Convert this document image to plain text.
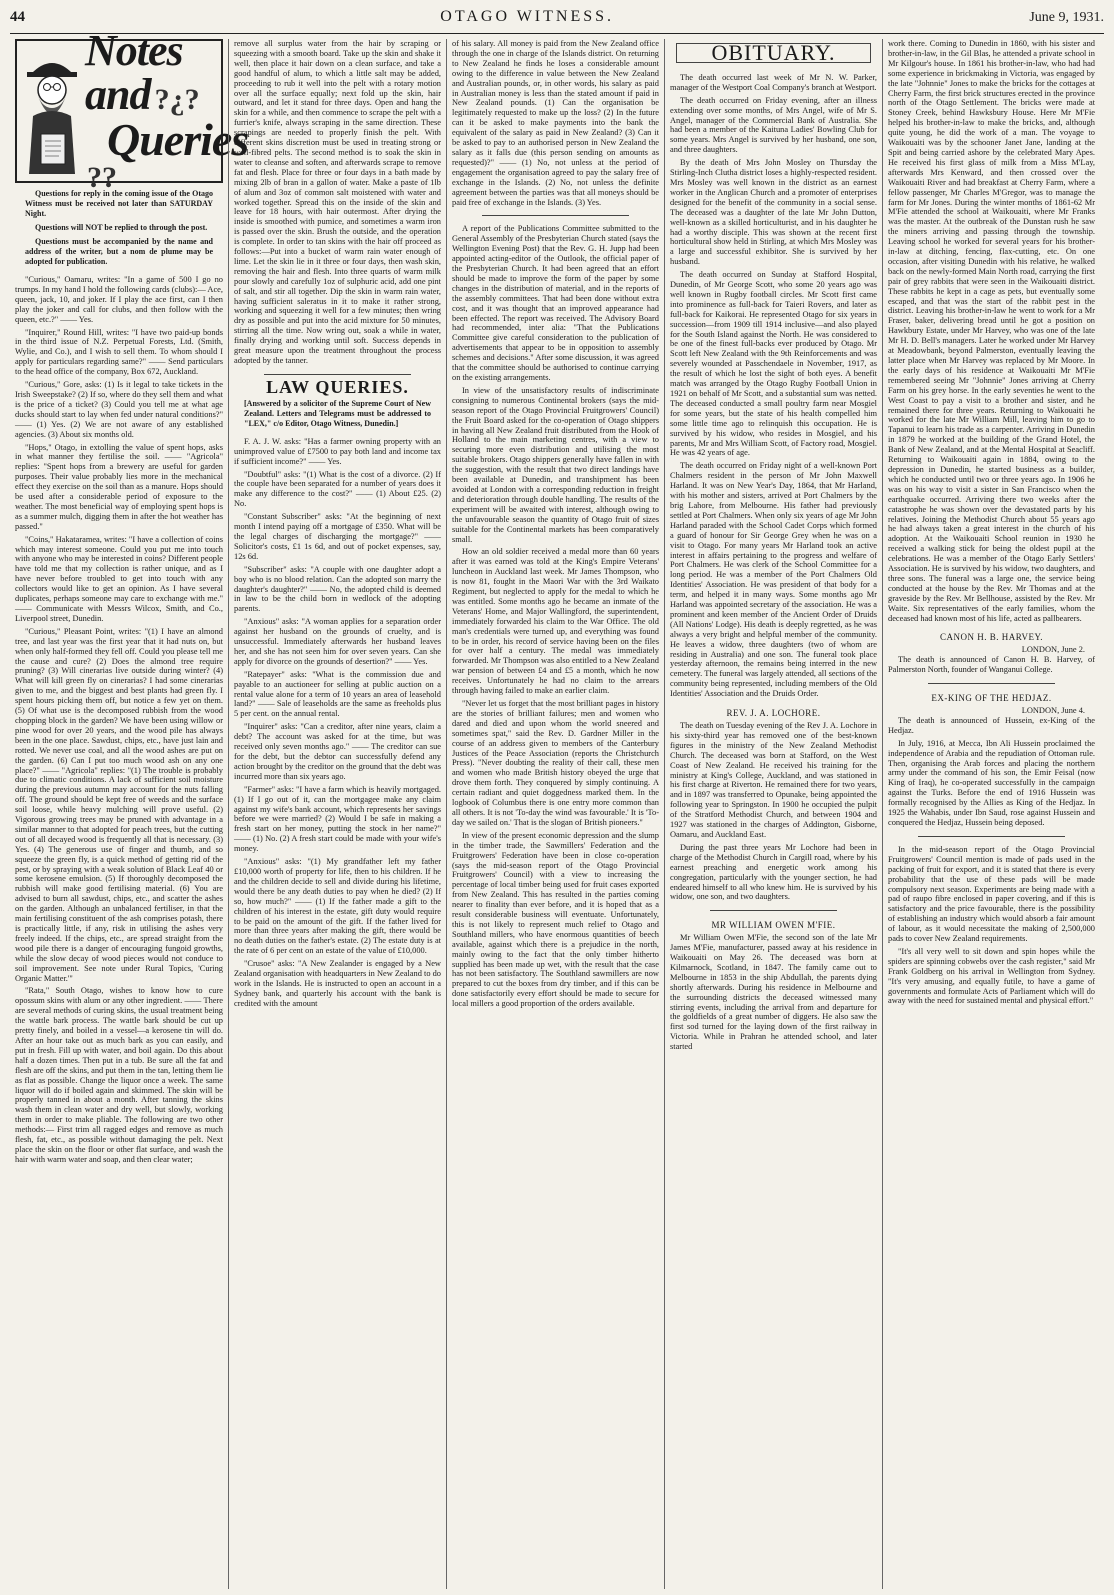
44	OTAGO WITNESS.	June 9, 1931.
Notes and ?¿?
Queries ??

Questions for reply in the coming issue of the Otago Witness must be received not later than SATURDAY Night.

Questions will NOT be replied to through the post.

Questions must be accompanied by the name and address of the writer, but a nom de plume may be adopted for publication.

"Curious," Oamaru, writes: "In a game of 500 I go no trumps. In my hand I hold the following cards (clubs):— Ace, queen, jack, 10, and joker. If I play the ace first, can I then play the joker and call for clubs, and then follow with the queen, etc.?" —— Yes.

"Inquirer," Round Hill, writes: "I have two paid-up bonds in the third issue of N.Z. Perpetual Forests, Ltd. (Smith, Wylie, and Co.), and I wish to sell them. To whom should I apply for particulars regarding same?" —— Send particulars to the head office of the company, Box 672, Auckland.

"Curious," Gore, asks: (1) Is it legal to take tickets in the Irish Sweepstake? (2) If so, where do they sell them and what is the price of a ticket? (3) Could you tell me at what age ducks should start to lay when fed under natural conditions?" —— (1) Yes. (2) We are not aware of any established agencies. (3) About six months old.

"Hops," Otago, in extolling the value of spent hops, asks in what manner they fertilise the soil. —— "Agricola" replies: "Spent hops from a brewery are useful for garden purposes. Their value probably lies more in the mechanical effect they exercise on the soil than as a manure. Hops should be used after a considerable period of exposure to the weather. The most beneficial way of employing spent hops is as a summer mulch, digging them in after the hot weather has passed."

"Coins," Hakataramea, writes: "I have a collection of coins which may interest someone. Could you put me into touch with anyone who may be interested in coins? Different people have told me that my collection is rather unique, and as I have never before troubled to get into touch with any collectors would like to get an opinion. As I have several duplicates, perhaps someone may care to exchange with me." —— Communicate with Messrs Wilcox, Smith, and Co., Liverpool street, Dunedin.

"Curious," Pleasant Point, writes: "(1) I have an almond tree, and last year was the first year that it had nuts on, but when only half-formed they fell off. Could you please tell me the cause and cure? (2) Does the almond tree require pruning? (3) Will cinerarias live outside during winter? (4) What will kill green fly on cinerarias? I had some cinerarias given to me, and the biggest and best plants had green fly. I spent hours picking them off, but notice a few yet on them. (5) Of what use is the decomposed rubbish from the wood chopping block in the garden? We have been using willow or pine wood for over 20 years, and the wood pile has always been in the one place. Sawdust, chips, etc., have just lain and rotted. We never use coal, and all the wood ashes are put on the garden. (6) Can I put too much wood ash on any one place?" —— "Agricola" replies: "(1) The trouble is probably due to climatic conditions. A lack of sufficient soil moisture during the previous autumn may account for the nuts falling off. The ground should be kept free of weeds and the surface soil loose, while heavy mulching will prove useful. (2) Vigorous growing trees may be pruned with advantage in a similar manner to that adopted for peach trees, but the cutting out of all decayed wood is frequently all that is necessary. (3) Yes. (4) The generous use of finger and thumb, and so squeeze the green fly, is a quick method of getting rid of the pest, or by spraying with a weak solution of Black Leaf 40 or some kerosene emulsion. (5) If thoroughly decomposed the rubbish will make good fertilising material. (6) You are advised to burn all sawdust, chips, etc., and scatter the ashes on the garden. Although an unbalanced fertiliser, in that the main fertilising constituent of the ash comprises potash, there is practically little, if any, risk in utilising the ashes very freely indeed. If the chips, etc., are spread straight from the wood pile there is a danger of encouraging fungoid growths, while the slow decay of wood pieces would not conduce to soil improvement. See note under Rural Topics, 'Curing Organic Matter.'"

"Rata," South Otago, wishes to know how to cure opossum skins with alum or any other ingredient. —— There are several methods of curing skins, the usual treatment being the wattle bark process. The wattle bark should be cut up pretty finely, and boiled in a vessel—a kerosene tin will do. After an hour take out as much bark as you can easily, and put in fresh. Fill up with water, and boil again. Do this about half a dozen times. Then put in a tub. Be sure all the fat and flesh are off the skins, and put them in the tan, letting them lie as flat as possible. Change the liquor once a week. The same liquor will do if boiled again and skimmed. The skin will be properly tanned in about a month. After tanning the skins wash them in clean water and dry well, but slowly, working them in order to make pliable. The following are two other methods:— First trim all ragged edges and remove as much flesh, fat, etc., as possible without damaging the pelt. Next place the skin on the floor or other flat surface, and wash the hair with warm water and soap, and then clear water;

remove all surplus water from the hair by scraping or squeezing with a smooth board. Take up the skin and shake it well, then place it hair down on a clean surface, and take a good handful of alum, to which a little salt may be added, proceeding to rub it well into the pelt with a rotary motion over all the surface equally; next fold up the skin, hair outward, and let it stand for three days. Open and hang the skin for a while, and then commence to scrape the pelt with a furrier's knife, always scraping in the same direction. These scrapings are needed to properly finish the pelt. With different skins discretion must be used in treating strong or well-fibred pelts. The second method is to soak the skin in water to cleanse and soften, and afterwards scrape to remove fat and flesh. Place for three or four days in a bath made by mixing 2lb of bran in a gallon of water. Make a paste of 1lb of alum and 3oz of common salt moistened with water and worked together. Spread this on the inside of the skin and leave for 18 hours, with hair outermost. After drying the inside is smoothed with pumice, and sometimes a warm iron is passed over the skin. Brush the outside, and the operation is complete. In order to tan skins with the hair off proceed as follows:—Put into a bucket of warm rain water enough of lime. Let the skin lie in it three or four days, then wash skin, removing the hair and flesh. Into three quarts of warm milk pour slowly and carefully 1oz of sulphuric acid, add one pint of salt, and stir all together. Dip the skin in warm rain water, having sufficient saleratus in it to make it rather strong, working and squeezing it well for a few minutes; then wring dry as possible and put into the acid mixture for 50 minutes, stirring all the time. Now wring out, soak a while in water, finally drying and working until soft. Success depends in great measure upon the treatment throughout the process adopted by the tanner.

LAW QUERIES.
[Answered by a solicitor of the Supreme Court of New Zealand. Letters and Telegrams must be addressed to "LEX," c/o Editor, Otago Witness, Dunedin.]

F. A. J. W. asks: "Has a farmer owning property with an unimproved value of £7500 to pay both land and income tax if sufficient income?" —— Yes.

"Doubtful" asks: "(1) What is the cost of a divorce. (2) If the couple have been separated for a number of years does it make any difference to the cost?" —— (1) About £25. (2) No.

"Constant Subscriber" asks: "At the beginning of next month I intend paying off a mortgage of £350. What will be the legal charges of discharging the mortgage?" —— Solicitor's costs, £1 1s 6d, and out of pocket expenses, say, 12s 6d.

"Subscriber" asks: "A couple with one daughter adopt a boy who is no blood relation. Can the adopted son marry the daughter's daughter?" —— No, the adopted child is deemed in law to be the child born in wedlock of the adopting parents.

"Anxious" asks: "A woman applies for a separation order against her husband on the grounds of cruelty, and is unsuccessful. Immediately afterwards her husband leaves her, and she has not seen him for over seven years. Can she apply for divorce on the grounds of desertion?" —— Yes.

"Ratepayer" asks: "What is the commission due and payable to an auctioneer for selling at public auction on a rental value alone for a term of 10 years an area of leasehold land?" —— Sale of leaseholds are the same as freeholds plus 5 per cent. on the annual rental.

"Inquirer" asks: "Can a creditor, after nine years, claim a debt? The account was asked for at the time, but was received only seven months ago." —— The creditor can sue for the debt, but the debtor can successfully defend any action brought by the creditor on the ground that the debt was incurred more than six years ago.

"Farmer" asks: "I have a farm which is heavily mortgaged. (1) If I go out of it, can the mortgagee make any claim against my wife's bank account, which represents her savings before we were married? (2) Would I be safe in making a fresh start on her money, putting the stock in her name?" —— (1) No. (2) A fresh start could be made with your wife's money.

"Anxious" asks: "(1) My grandfather left my father £10,000 worth of property for life, then to his children. If he and the children decide to sell and divide during his lifetime, would there be any death duties to pay when he died? (2) If so, how much?" —— (1) If the father made a gift to the children of his interest in the estate, gift duty would require to be paid on the amount of the gift. If the father lived for more than three years after making the gift, there would be no death duties on the father's estate. (2) The estate duty is at the rate of 6 per cent on an estate of the value of £10,000.

"Crusoe" asks: "A New Zealander is engaged by a New Zealand organisation with headquarters in New Zealand to do work in the Islands. He is instructed to open an account in a Sydney bank, and quarterly his account with the bank is credited with the amount

of his salary. All money is paid from the New Zealand office through the one in charge of the Islands district. On returning to New Zealand he finds he loses a considerable amount owing to the difference in value between the New Zealand and Australian pounds, or, in other words, his salary as paid in Australian money is less than the stated amount if paid in New Zealand pounds. (1) Can the organisation be legitimately requested to make up the loss? (2) In the future can it be asked to make payments into the bank the equivalent of the salary as paid in New Zealand? (3) Can it be asked to pay to an authorised person in New Zealand the salary as it falls due (this person sending on amounts as requested)?" —— (1) No, not unless at the period of engagement the organisation agreed to pay the salary free of exchange in the Islands. (2) No, not unless the definite agreement between the parties was that all moneys should be paid free of exchange in the Islands. (3) Yes.

A report of the Publications Committee submitted to the General Assembly of the Presbyterian Church stated (says the Wellington Evening Post) that the Rev. G. H. Jupp had been appointed acting-editor of the Outlook, the official paper of the Presbyterian Church. It had been agreed that an effort should be made to improve the form of the paper by some changes in the distribution of material, and in the reports of the assembly committees. That had been done without extra cost, and it was thought that an improved appearance had been effected. The report was received. The Advisory Board had recommended, inter alia: "That the Publications Committee give careful consideration to the publication of advertisements that appear to be in opposition to assembly schemes and decisions." After some discussion, it was agreed that the committee should be authorised to continue carrying on the existing arrangements.

In view of the unsatisfactory results of indiscriminate consigning to numerous Continental brokers (says the mid-season report of the Otago Provincial Fruitgrowers' Council) the Fruit Board asked for the co-operation of Otago shippers in having all New Zealand fruit distributed from the Hook of Holland to the main marketing centres, with a view to securing more even distribution and utilising the most suitable brokers. Otago shippers generally have fallen in with the suggestion, with the result that two direct landings have been available at Dunedin, and transhipment has been avoided at London with a corresponding reduction in freight and deterioration through double handling. The results of the experiment will be awaited with interest, although owing to the unfavourable season the quantity of Otago fruit of sizes suitable for the Continental markets has been comparatively small.

How an old soldier received a medal more than 60 years after it was earned was told at the King's Empire Veterans' luncheon in Auckland last week. Mr James Thompson, who is now 81, fought in the Maori War with the 3rd Waikato Regiment, but neglected to apply for the medal to which he was entitled. Some months ago he became an inmate of the Veterans' Home, and Major Wallingford, the superintendent, immediately forwarded his claim to the War Office. The old man's credentials were turned up, and everything was found to be in order, his record of service having been on the files for over half a century. The medal was immediately forwarded. Mr Thompson was also entitled to a New Zealand war pension of between £4 and £5 a month, which he now receives. Unfortunately he had no claim to the arrears through having failed to make an earlier claim.

"Never let us forget that the most brilliant pages in history are the stories of brilliant failures; men and women who dared and died and upon whom the world sneered and sometimes spat," said the Rev. D. Gardner Miller in the course of an address given to members of the Canterbury Justices of the Peace Association (reports the Christchurch Press). "Never doubting the reality of their call, these men and women who made British history obeyed the urge that drove them forth. They conquered by simply continuing. A certain radiant and quiet doggedness marked them. In the logbook of Columbus there is one entry more common than all others. It is not 'To-day the wind was favourable.' It is 'To-day we sailed on.' That is the slogan of British pioneers."

In view of the present economic depression and the slump in the timber trade, the Sawmillers' Federation and the Fruitgrowers' Federation have been in close co-operation (says the mid-season report of the Otago Provincial Fruitgrowers' Council) with a view to increasing the percentage of local timber being used for fruit cases exported from New Zealand. This has resulted in the parties coming nearer to finality than ever before, and it is hoped that as a result considerable business will eventuate. Unfortunately, this is not likely to represent much relief to Otago and Southland millers, who have enormous quantities of beech available, against which there is a prejudice in the north, mainly owing to the fact that the only timber hitherto supplied has been made up wet, with the result that the case has not been satisfactory. The Southland sawmillers are now prepared to cut the boxes from dry timber, and if this can be done satisfactorily every effort should be made to secure for local millers a good proportion of the orders available.

OBITUARY.

The death occurred last week of Mr N. W. Parker, manager of the Westport Coal Company's branch at Westport.

The death occurred on Friday evening, after an illness extending over some months, of Mrs Angel, wife of Mr S. Angel, manager of the Commercial Bank of Australia. She had been a member of the Kaituna Ladies' Bowling Club for some years. Mrs Angel is survived by her husband, one son, and three daughters.

By the death of Mrs John Mosley on Thursday the Stirling-Inch Clutha district loses a highly-respected resident. Mrs Mosley was well known in the district as an earnest worker in the Anglican Church and a promoter of enterprises designed for the benefit of the community in a social sense. The deceased was a daughter of the late Mr John Dutton, well-known as a skilled horticulturist, and in his daughter he had a worthy disciple. This was shown at the recent first horticultural show held in Stirling, at which Mrs Mosley was a large and successful exhibitor. She is survived by her husband.

The death occurred on Sunday at Stafford Hospital, Dunedin, of Mr George Scott, who some 20 years ago was well known in Rugby football circles. Mr Scott first came into prominence as full-back for Taieri Rovers, and later as full-back for Kaikorai. He represented Otago for six years in succession—from 1909 till 1914 inclusive—and also played for the South Island against the North. He was considered to be one of the finest full-backs ever produced by Otago. Mr Scott left New Zealand with the 9th Reinforcements and was severely wounded at Passchendaele in November, 1917, as the result of which he lost the sight of both eyes. A benefit match was arranged by the Otago Rugby Football Union in 1921 on behalf of Mr Scott, and a substantial sum was netted. The deceased conducted a small poultry farm near Mosgiel for some years, but the state of his health compelled him some little time ago to relinquish this occupation. He is survived by his widow, who resides in Mosgiel, and his parents, Mr and Mrs William Scott, of Factory road, Mosgiel. He was 42 years of age.

The death occurred on Friday night of a well-known Port Chalmers resident in the person of Mr John Maxwell Harland. It was on New Year's Day, 1864, that Mr Harland, with his mother and sisters, arrived at Port Chalmers by the brig Lahore, from Melbourne. His father had previously settled at Port Chalmers. When only six years of age Mr John Harland paraded with the School Cadet Corps which formed a guard of honour for Sir George Grey when he was on a visit to Otago. For many years Mr Harland took an active interest in affairs pertaining to the progress and welfare of Port Chalmers. He was clerk of the School Committee for a long period. He was a member of the Port Chalmers Old Identities' Association. He was president of that body for a term, and helped it in many ways. Some months ago Mr Harland was appointed secretary of the association. He was a prominent and keen member of the Ancient Order of Druids (All Nations' Lodge). His death is deeply regretted, as he was always a very bright and helpful member of the community. He leaves a widow, three daughters (two of whom are residing in Australia) and one son. The funeral took place yesterday afternoon, the remains being interred in the new cemetery. The funeral was largely attended, all sections of the community being represented, including members of the Old Identities' Association and the Druids Order.

REV. J. A. LOCHORE.

The death on Tuesday evening of the Rev J. A. Lochore in his sixty-third year has removed one of the best-known figures in the ministry of the New Zealand Methodist Church. The deceased was born at Stafford, on the West Coast of New Zealand. He received his training for the ministry at King's College, Auckland, and was stationed in his first charge at Riverton. He remained there for two years, and in 1897 was transferred to Opunake, being appointed the following year to Springston. In 1900 he occupied the pulpit of the Stratford Methodist Church, and between 1904 and 1927 was stationed in the charges of Addington, Gisborne, Oamaru, and Auckland East.

During the past three years Mr Lochore had been in charge of the Methodist Church in Cargill road, where by his earnest preaching and energetic work among his congregation, particularly with the younger section, he had endeared himself to all who knew him. He is survived by his widow, one son, and two daughters.

MR WILLIAM OWEN M'FIE.

Mr William Owen M'Fie, the second son of the late Mr James M'Fie, manufacturer, passed away at his residence in Waikouaiti on May 26. The deceased was born at Kilmarnock, Scotland, in 1847. The family came out to Melbourne in 1853 in the ship Abdullah, the parents dying shortly afterwards. During his residence in Melbourne and the surrounding districts the deceased witnessed many stirring events, including the arrival from and departure for the goldfields of a great number of diggers. He also saw the first sod turned for the laying down of the first railway in Victoria. While in Prahran he attended school, and later started

work there. Coming to Dunedin in 1860, with his sister and brother-in-law, in the Gil Blas, he attended a private school in Mr Kilgour's house. In 1861 his brother-in-law, who had had some experience in brickmaking in Victoria, was engaged by the late "Johnnie" Jones to make the bricks for the cottages at Cherry Farm, the first brick structures erected in the province north of the Otago Settlement. The bricks were made at Stoney Creek, behind Hawksbury House. Here Mr M'Fie helped his brother-in-law to make the bricks, and, although quite young, he did the work of a man. The voyage to Waikouaiti was by the schooner Janet Jane, landing at the Spit and being carried ashore by the celebrated Mary Apes. He received his first glass of milk from a Miss M'Lay, afterwards Mrs Kenward, and then crossed over the Waikouaiti River and had breakfast at Cherry Farm, where a fellow passenger, Mr Charles M'Gregor, was to manage the farm for Mr Jones. During the winter months of 1861-62 Mr M'Fie attended the school at Waikouaiti, where Mr Franks was the master. At the outbreak of the Dunstan rush he saw the miners arriving and passing through the township. Leaving school he worked for several years for his brother-in-law at ditching, fencing, flax-cutting, etc. On one occasion, after visiting Dunedin with his relative, he walked back on the newly-formed Main North road, carrying the first pair of grey rabbits that were seen in the Waikouaiti district. These rabbits he kept in a cage as pets, but eventually some escaped, and that was the start of the rabbit pest in the district. Leaving his brother-in-law he went to work for a Mr Fraser, baker, delivering bread until he got a position on Hawkbury Estate, under Mr Harvey, who was one of the late Mr H. D. Bell's managers. Later he worked under Mr Harvey at Meadowbank, beyond Palmerston, eventually leaving the latter place when Mr Harvey was replaced by Mr Moore. In the early days of his residence at Waikouaiti Mr M'Fie remembered seeing Mr "Johnnie" Jones arriving at Cherry Farm on his grey horse. In the early seventies he went to the West Coast to pay a visit to a brother and sister, and he remained there for three years. Returning to Waikouaiti he worked for the late Mr William Mill, leaving him to go to Tapanui to learn his trade as a carpenter. Arriving in Dunedin in 1879 he worked at the building of the Grand Hotel, the Bank of New Zealand, and at the Mental Hospital at Seacliff. Returning to Waikouaiti again in 1884, owing to the depression in Dunedin, he started business as a builder, which he conducted until two or three years ago. In 1906 he was on his way to visit a sister in San Francisco when the earthquake occurred. Arriving there two weeks after the catastrophe he was shown over the devastated parts by his relatives. Joining the Methodist Church about 55 years ago he had always taken a great interest in the church of his adoption. At the Waikouaiti School reunion in 1930 he received a walking stick for being the oldest pupil at the celebrations. He was a member of the Otago Early Settlers' Association. He is survived by his widow, two daughters, and three sons. The funeral was a large one, the service being conducted at the house by the Rev. Mr Thomas and at the graveside by the Rev. Mr Bellhouse, assisted by the Rev. Mr Waite. Six representatives of the early families, whom the deceased had known most of his life, acted as pallbearers.

CANON H. B. HARVEY.
LONDON, June 2.

The death is announced of Canon H. B. Harvey, of Palmerston North, founder of Wanganui College.

EX-KING OF THE HEDJAZ.
LONDON, June 4.

The death is announced of Hussein, ex-King of the Hedjaz.

In July, 1916, at Mecca, Ibn Ali Hussein proclaimed the independence of Arabia and the repudiation of Ottoman rule. Then, organising the Arab forces and placing the northern army under the command of his son, the Emir Feisal (now King of Iraq), he co-operated successfully in the campaign against the Turks. Before the end of 1916 Hussein was formally recognised by the Allies as King of the Hedjaz. In 1925 the Wahabis, under Ibn Saud, rose against Hussein and conquered the Hedjaz, Hussein being deposed.

In the mid-season report of the Otago Provincial Fruitgrowers' Council mention is made of pads used in the packing of fruit for export, and it is stated that there is every probability that the use of these pads will be made compulsory next season. Experiments are being made with a pad of raupo fibre enclosed in paper covering, and if this is satisfactory and the price favourable, there is the possibility of establishing an industry which would absorb a fair amount of labour, as it would necessitate the making of 2,500,000 pads to cover New Zealand requirements.

"It's all very well to sit down and spin hopes while the spiders are spinning cobwebs over the cash register," said Mr Frank Goldberg on his arrival in Wellington from Sydney. "It's very amusing, and equally futile, to have a game of governments and formulate Acts of Parliament which will do away with the need for sustained mental and physical effort."
